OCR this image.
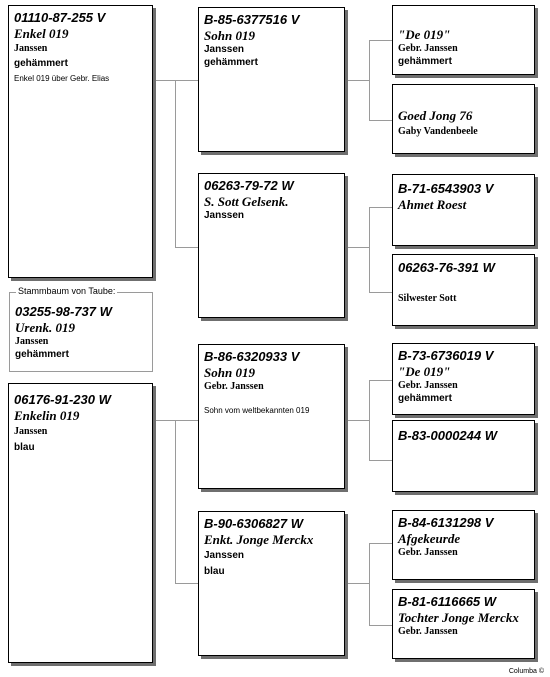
Stammbaum von Taube:
03255-98-737 W
Urenk. 019
Janssen
gehämmert
01110-87-255 V
Enkel 019
Janssen
gehämmert
Enkel 019 über Gebr. Elias
06176-91-230 W
Enkelin 019
Janssen
blau
B-85-6377516 V
Sohn 019
Janssen
gehämmert
06263-79-72 W
S. Sott Gelsenk.
Janssen
B-86-6320933 V
Sohn 019
Gebr. Janssen
Sohn vom weltbekannten 019
B-90-6306827 W
Enkt. Jonge Merckx
Janssen
blau
"De 019"
Gebr. Janssen
gehämmert
Goed Jong 76
Gaby Vandenbeele
B-71-6543903 V
Ahmet Roest
06263-76-391 W
Silwester Sott
B-73-6736019 V
"De 019"
Gebr. Janssen
gehämmert
B-83-0000244 W
B-84-6131298 V
Afgekeurde
Gebr. Janssen
B-81-6116665 W
Tochter Jonge Merckx
Gebr. Janssen
Columba ©
